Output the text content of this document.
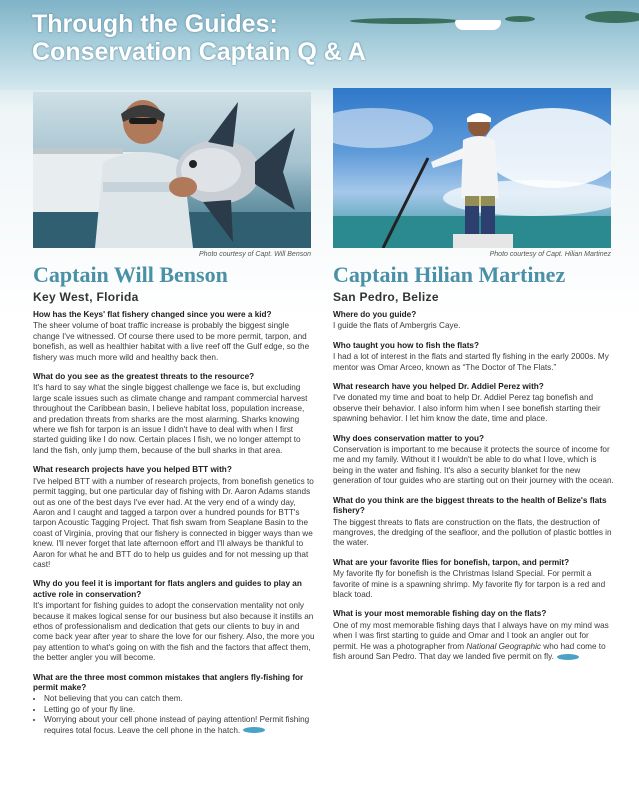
Through the Guides:
Conservation Captain Q & A
Photo courtesy of Capt. Will Benson	Photo courtesy of Capt. Hilian Martinez
Captain Will Benson
Key West, Florida
Captain Hilian Martinez
San Pedro, Belize

How has the Keys' flat fishery changed since you were a kid?

The sheer volume of boat traffic increase is probably the biggest single change I've witnessed. Of course there used to be more permit, tarpon, and bonefish, as well as healthier habitat with a live reef off the Gulf edge, so the fishery was much more wild and healthy back then.

What do you see as the greatest threats to the resource?

It's hard to say what the single biggest challenge we face is, but excluding large scale issues such as climate change and rampant commercial harvest throughout the Caribbean basin, I believe habitat loss, population increase, and predation threats from sharks are the most alarming. Sharks knowing where we fish for tarpon is an issue I didn't have to deal with when I first started guiding like I do now. Certain places I fish, we no longer attempt to land the fish, only jump them, because of the bull sharks in that area.

What research projects have you helped BTT with?

I've helped BTT with a number of research projects, from bonefish genetics to permit tagging, but one particular day of fishing with Dr. Aaron Adams stands out as one of the best days I've ever had. At the very end of a windy day, Aaron and I caught and tagged a tarpon over a hundred pounds for BTT's tarpon Acoustic Tagging Project. That fish swam from Seaplane Basin to the coast of Virginia, proving that our fishery is connected in bigger ways than we knew. I'll never forget that late afternoon effort and I'll always be thankful to Aaron for what he and BTT do to help us guides and for not messing up that cast!

Why do you feel it is important for flats anglers and guides to play an active role in conservation?

It's important for fishing guides to adopt the conservation mentality not only because it makes logical sense for our business but also because it instills an ethos of professionalism and dedication that gets our clients to buy in and come back year after year to share the love for our fishery. Also, the more you pay attention to what's going on with the fish and the factors that affect them, the better angler you will become.

What are the three most common mistakes that anglers fly-fishing for permit make?

• Not believing that you can catch them.
• Letting go of your fly line.
• Worrying about your cell phone instead of paying attention! Permit fishing requires total focus. Leave the cell phone in the hatch.

Where do you guide?

I guide the flats of Ambergris Caye.

Who taught you how to fish the flats?

I had a lot of interest in the flats and started fly fishing in the early 2000s. My mentor was Omar Arceo, known as “The Doctor of The Flats.”

What research have you helped Dr. Addiel Perez with?

I've donated my time and boat to help Dr. Addiel Perez tag bonefish and observe their behavior. I also inform him when I see bonefish starting their spawning behavior. I let him know the date, time and place.

Why does conservation matter to you?

Conservation is important to me because it protects the source of income for me and my family. Without it I wouldn't be able to do what I love, which is being in the water and fishing. It's also a security blanket for the new generation of tour guides who are starting out on their journey with the ocean.

What do you think are the biggest threats to the health of Belize's flats fishery?

The biggest threats to flats are construction on the flats, the destruction of mangroves, the dredging of the seafloor, and the pollution of plastic bottles in the water.

What are your favorite flies for bonefish, tarpon, and permit?

My favorite fly for bonefish is the Christmas Island Special. For permit a favorite of mine is a spawning shrimp. My favorite fly for tarpon is a red and black toad.

What is your most memorable fishing day on the flats?

One of my most memorable fishing days that I always have on my mind was when I was first starting to guide and Omar and I took an angler out for permit. He was a photographer from National Geographic who had come to fish around San Pedro. That day we landed five permit on fly.
